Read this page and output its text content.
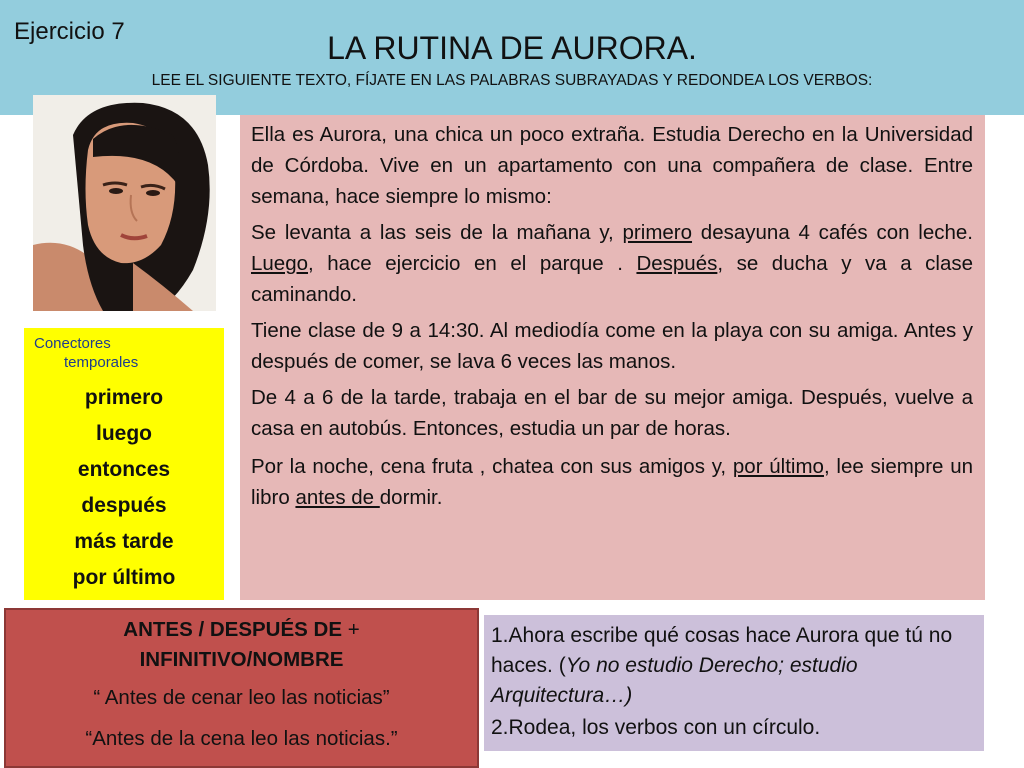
Ejercicio 7	LA RUTINA DE AURORA.
LEE EL SIGUIENTE TEXTO, FÍJATE EN LAS PALABRAS SUBRAYADAS Y REDONDEA LOS VERBOS:
Conectores
temporales
primero
luego
entonces
después
más tarde
por último

Ella es Aurora, una chica un poco extraña. Estudia Derecho en la Universidad de Córdoba. Vive en un apartamento con una compañera de clase. Entre semana, hace siempre lo mismo:

Se levanta a las seis de la mañana y, primero desayuna 4 cafés con leche. Luego, hace ejercicio en el parque . Después, se ducha y va a clase caminando.

Tiene clase de 9 a 14:30. Al mediodía come en la playa con su amiga. Antes y después de comer, se lava 6 veces las manos.

De 4 a 6 de la tarde, trabaja en el bar de su mejor amiga. Después, vuelve a casa en autobús. Entonces, estudia un par de horas.

Por la noche, cena fruta , chatea con sus amigos y, por último, lee siempre un libro antes de dormir.

ANTES / DESPUÉS DE +
INFINITIVO/NOMBRE
“ Antes de cenar leo las noticias”
“Antes de la cena leo las noticias.”

1.Ahora escribe qué cosas hace Aurora que tú no haces. (Yo no estudio Derecho; estudio Arquitectura…)

2.Rodea, los verbos con un círculo.
